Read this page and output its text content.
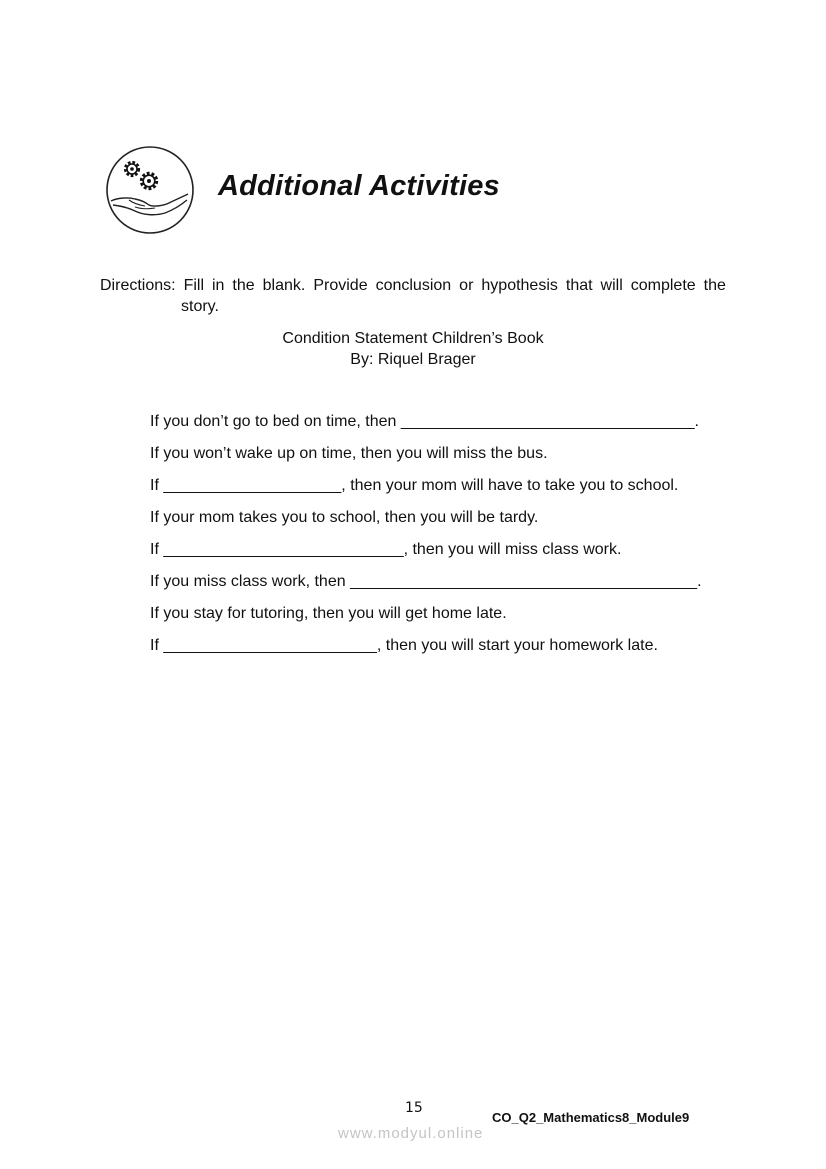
Additional Activities
Directions: Fill in the blank. Provide conclusion or hypothesis that will complete the
story.
Condition Statement Children’s Book
By: Riquel Brager
If you don’t go to bed on time, then _________________________________.
If you won’t wake up on time, then you will miss the bus.
If ____________________, then your mom will have to take you to school.
If your mom takes you to school, then you will be tardy.
If ___________________________, then you will miss class work.
If you miss class work, then _______________________________________.
If you stay for tutoring, then you will get home late.
If ________________________, then you will start your homework late.
15
CO_Q2_Mathematics8_Module9
www.modyul.online
